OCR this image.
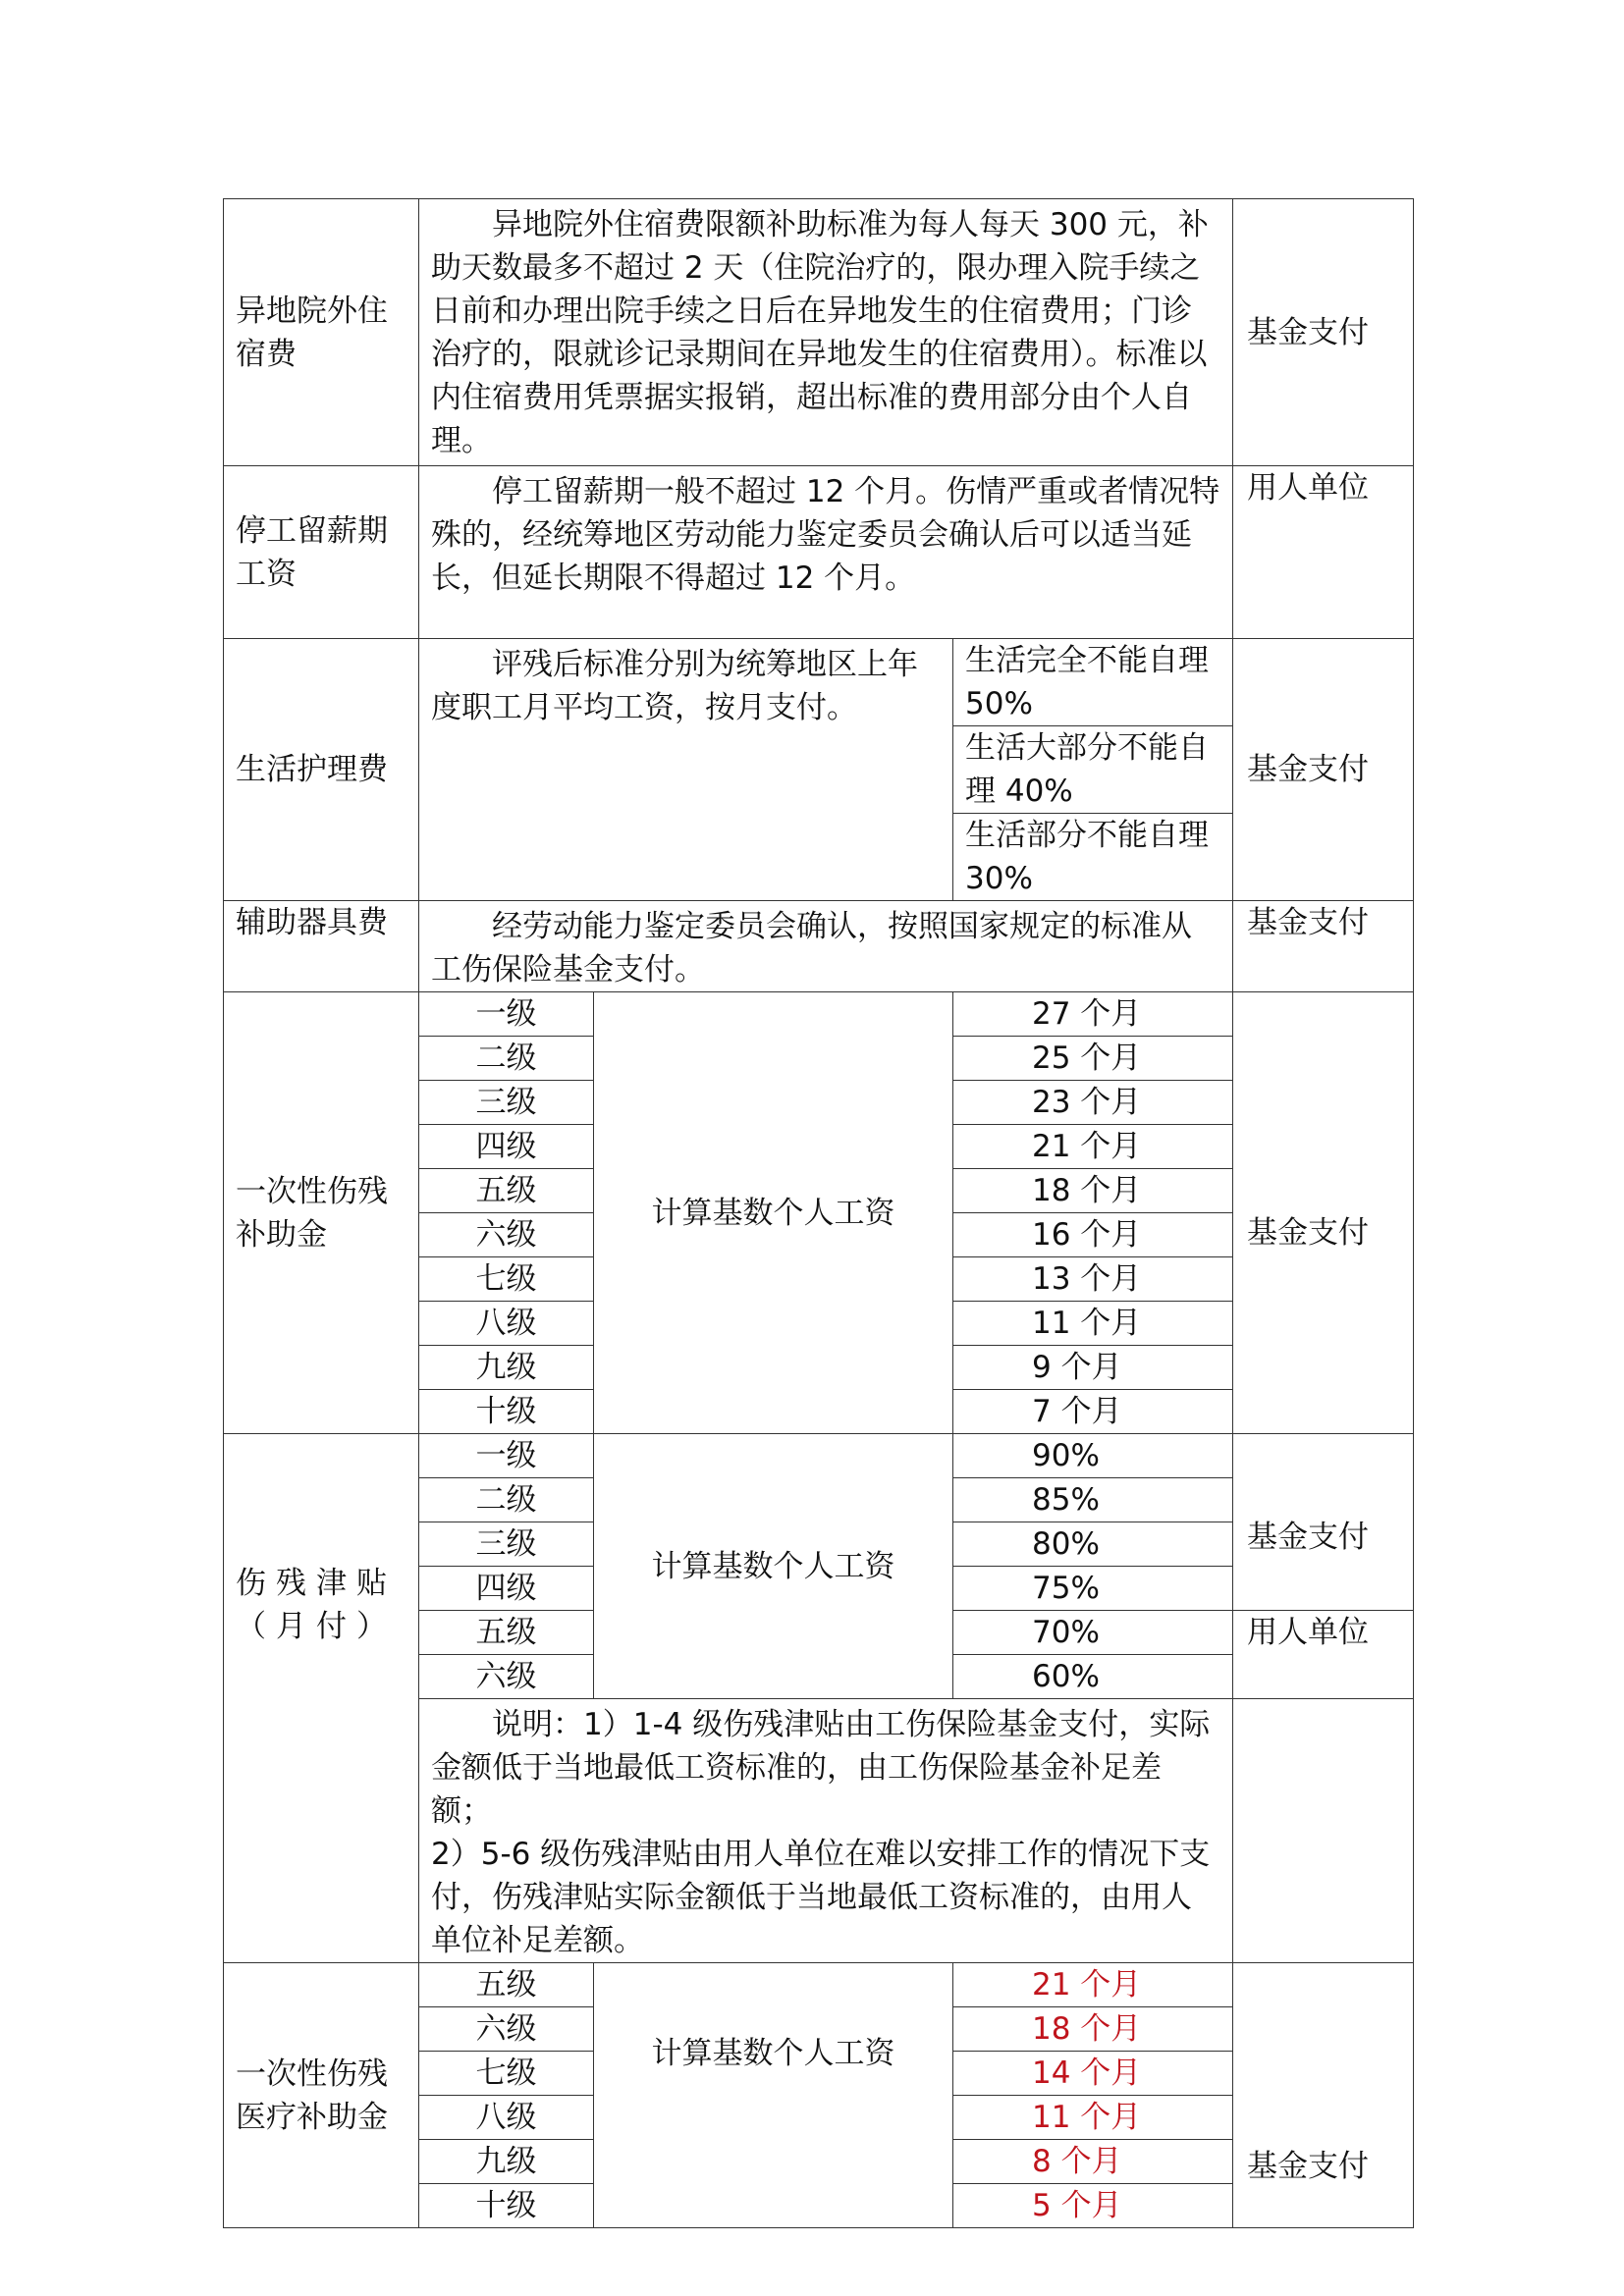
异地院外住宿费	异地院外住宿费限额补助标准为每人每天 300 元，补助天数最多不超过 2 天（住院治疗的，限办理入院手续之日前和办理出院手续之日后在异地发生的住宿费用；门诊治疗的，限就诊记录期间在异地发生的住宿费用）。标准以内住宿费用凭票据实报销，超出标准的费用部分由个人自理。			基金支付
停工留薪期工资	停工留薪期一般不超过 12 个月。伤情严重或者情况特殊的，经统筹地区劳动能力鉴定委员会确认后可以适当延长，但延长期限不得超过 12 个月。			用人单位
生活护理费	评残后标准分别为统筹地区上年度职工月平均工资，按月支付。		生活完全不能自理 50%	基金支付
			生活大部分不能自理 40%	
			生活部分不能自理 30%	
辅助器具费	经劳动能力鉴定委员会确认，按照国家规定的标准从工伤保险基金支付。			基金支付
一次性伤残补助金	一级	计算基数个人工资	27 个月	基金支付
	二级		25 个月	
	三级		23 个月	
	四级		21 个月	
	五级		18 个月	
	六级		16 个月	
	七级		13 个月	
	八级		11 个月	
	九级		9 个月	
	十级		7 个月	
伤残津贴（月付）	一级	计算基数个人工资	90%	基金支付
	二级		85%	
	三级		80%	
	四级		75%	
	五级		70%	用人单位
	六级		60%	

	说明：1）1-4 级伤残津贴由工伤保险基金支付，实际金额低于当地最低工资标准的，由工伤保险基金补足差额；
2）5-6 级伤残津贴由用人单位在难以安排工作的情况下支付，伤残津贴实际金额低于当地最低工资标准的，由用人单位补足差额。			

一次性伤残医疗补助金	五级	计算基数个人工资	21 个月	基金支付
	六级		18 个月	
	七级		14 个月	
	八级		11 个月	
	九级		8 个月	
	十级		5 个月	
